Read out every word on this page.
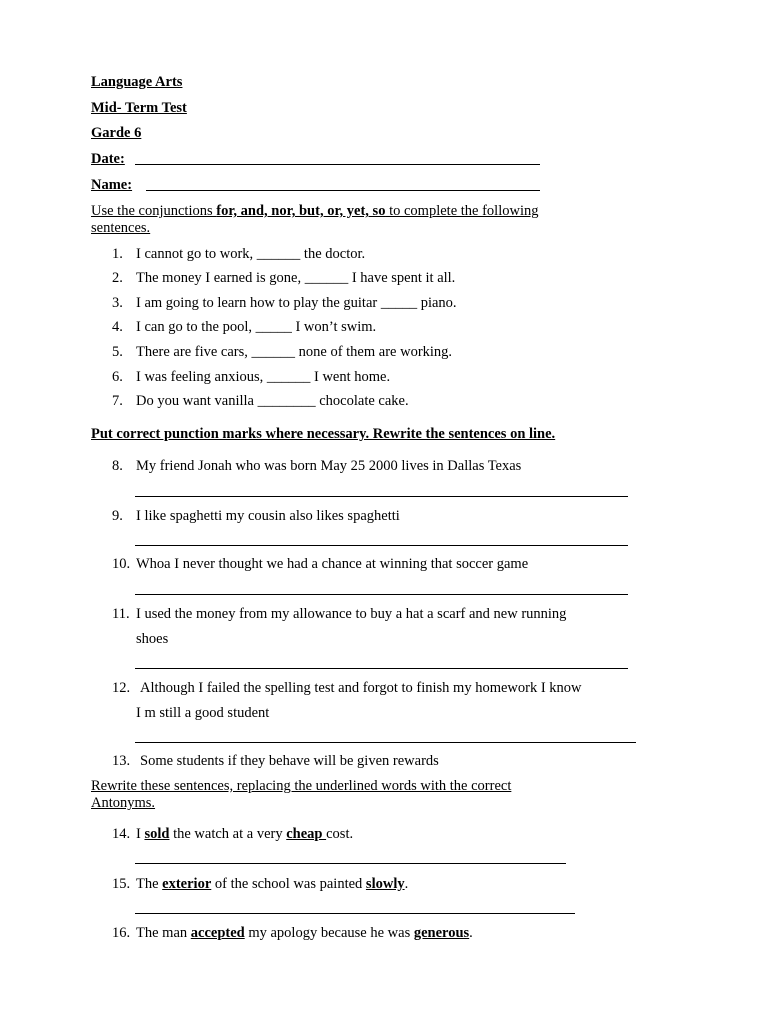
Language Arts
Mid- Term Test
Garde 6
Date:
Name:
Use the conjunctions for, and, nor, but, or, yet, so to complete the following
sentences.
1. I cannot go to work, ______ the doctor.
2. The money I earned is gone, ______ I have spent it all.
3. I am going to learn how to play the guitar _____ piano.
4. I can go to the pool, _____ I won’t swim.
5. There are five cars, ______ none of them are working.
6. I was feeling anxious, ______ I went home.
7. Do you want vanilla ________ chocolate cake.
Put correct punction marks where necessary. Rewrite the sentences on line.
8. My friend Jonah who was born May 25 2000 lives in Dallas Texas
9. I like spaghetti my cousin also likes spaghetti
10. Whoa I never thought we had a chance at winning that soccer game
11. I used the money from my allowance to buy a hat a scarf and new running
shoes
12. Although I failed the spelling test and forgot to finish my homework I know
I m still a good student
13. Some students if they behave will be given rewards
Rewrite these sentences, replacing the underlined words with the correct
Antonyms.
14. I sold the watch at a very cheap cost.
15. The exterior of the school was painted slowly.
16. The man accepted my apology because he was generous.
